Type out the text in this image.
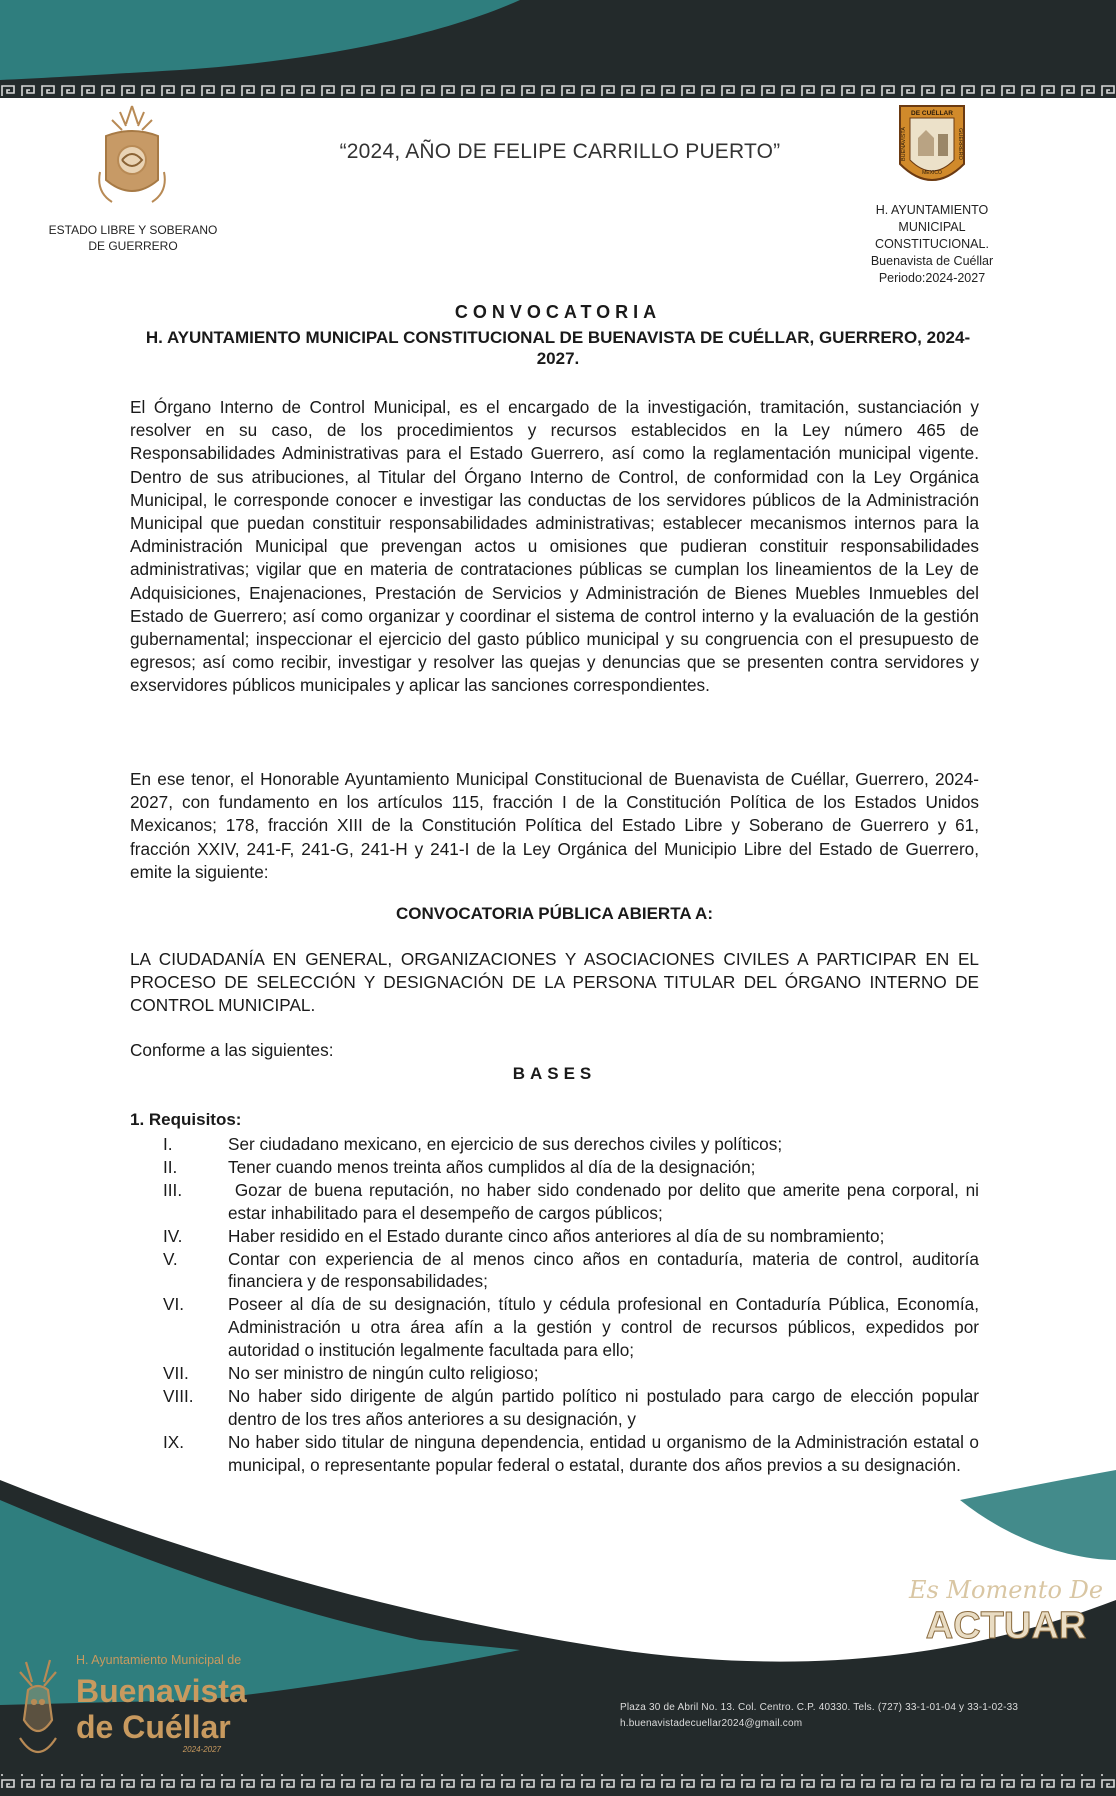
ESTADO LIBRE Y SOBERANO
DE GUERRERO
“2024, AÑO DE FELIPE CARRILLO PUERTO”
DE CUÉLLAR
BUENAVISTA	GUERRERO
MEXICO
H. AYUNTAMIENTO
MUNICIPAL
CONSTITUCIONAL.
Buenavista de Cuéllar
Periodo:2024-2027
CONVOCATORIA
H. AYUNTAMIENTO MUNICIPAL CONSTITUCIONAL DE BUENAVISTA DE CUÉLLAR, GUERRERO, 2024-2027.
El Órgano Interno de Control Municipal, es el encargado de la investigación, tramitación, sustanciación y resolver en su caso, de los procedimientos y recursos establecidos en la Ley número 465 de Responsabilidades Administrativas para el Estado Guerrero, así como la reglamentación municipal vigente. Dentro de sus atribuciones, al Titular del Órgano Interno de Control, de conformidad con la Ley Orgánica Municipal, le corresponde conocer e investigar las conductas de los servidores públicos de la Administración Municipal que puedan constituir responsabilidades administrativas; establecer mecanismos internos para la Administración Municipal que prevengan actos u omisiones que pudieran constituir responsabilidades administrativas; vigilar que en materia de contrataciones públicas se cumplan los lineamientos de la Ley de Adquisiciones, Enajenaciones, Prestación de Servicios y Administración de Bienes Muebles Inmuebles del Estado de Guerrero; así como organizar y coordinar el sistema de control interno y la evaluación de la gestión gubernamental; inspeccionar el ejercicio del gasto público municipal y su congruencia con el presupuesto de egresos; así como recibir, investigar y resolver las quejas y denuncias que se presenten contra servidores y exservidores públicos municipales y aplicar las sanciones correspondientes.
En ese tenor, el Honorable Ayuntamiento Municipal Constitucional de Buenavista de Cuéllar, Guerrero, 2024-2027, con fundamento en los artículos 115, fracción I de la Constitución Política de los Estados Unidos Mexicanos; 178, fracción XIII de la Constitución Política del Estado Libre y Soberano de Guerrero y 61, fracción XXIV, 241-F, 241-G, 241-H y 241-I de la Ley Orgánica del Municipio Libre del Estado de Guerrero, emite la siguiente:
CONVOCATORIA PÚBLICA ABIERTA A:
LA CIUDADANÍA EN GENERAL, ORGANIZACIONES Y ASOCIACIONES CIVILES A PARTICIPAR EN EL PROCESO DE SELECCIÓN Y DESIGNACIÓN DE LA PERSONA TITULAR DEL ÓRGANO INTERNO DE CONTROL MUNICIPAL.
Conforme a las siguientes:
BASES
1. Requisitos:
I.	Ser ciudadano mexicano, en ejercicio de sus derechos civiles y políticos;
II.	Tener cuando menos treinta años cumplidos al día de la designación;
III.	Gozar de buena reputación, no haber sido condenado por delito que amerite pena corporal, ni estar inhabilitado para el desempeño de cargos públicos;
IV.	Haber residido en el Estado durante cinco años anteriores al día de su nombramiento;
V.	Contar con experiencia de al menos cinco años en contaduría, materia de control, auditoría financiera y de responsabilidades;
VI.	Poseer al día de su designación, título y cédula profesional en Contaduría Pública, Economía, Administración u otra área afín a la gestión y control de recursos públicos, expedidos por autoridad o institución legalmente facultada para ello;
VII.	No ser ministro de ningún culto religioso;
VIII.	No haber sido dirigente de algún partido político ni postulado para cargo de elección popular dentro de los tres años anteriores a su designación, y
IX.	No haber sido titular de ninguna dependencia, entidad u organismo de la Administración estatal o municipal, o representante popular federal o estatal, durante dos años previos a su designación.
Es Momento De
ACTUAR
H. Ayuntamiento Municipal de
Buenavista
de Cuéllar
2024-2027
Plaza 30 de Abril No. 13. Col. Centro. C.P. 40330. Tels. (727) 33-1-01-04 y 33-1-02-33
h.buenavistadecuellar2024@gmail.com
